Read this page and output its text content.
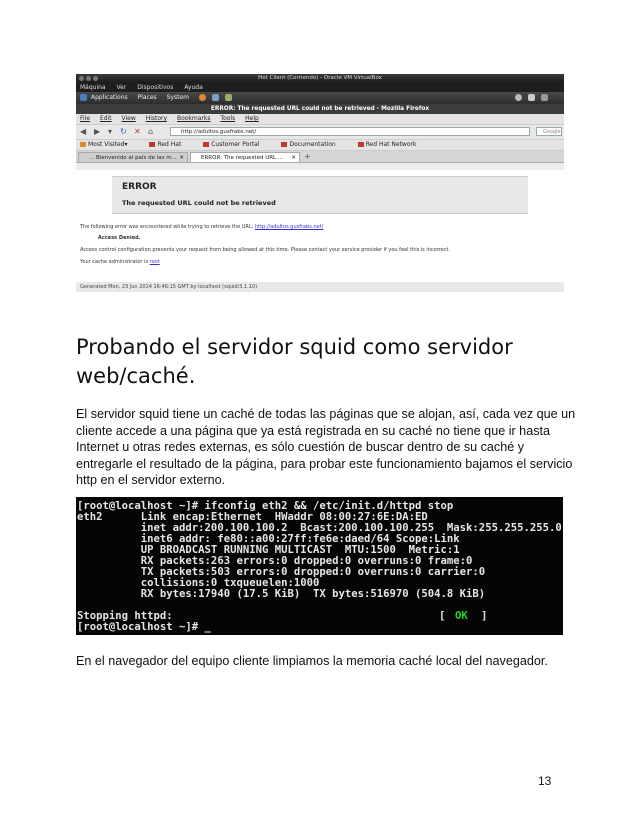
Hot Client (Corriendo) - Oracle VM VirtualBox
Máquina Ver Dispositivos Ayuda
Applications Places System

ERROR: The requested URL could not be retrieved - Mozilla Firefox
File Edit View History Bookmarks Tools Help
◀ ▶ ▾ ↻ ✕ ⌂	http://adultos.gusfrabs.net/	Google
Most Visited▾	Red Hat	Customer Portal	Documentation	Red Hat Network
... Bienvenido al país de las m... ✕	ERROR: The requested URL ... ✕ +
ERROR
The requested URL could not be retrieved

The following error was encountered while trying to retrieve the URL: http://adultos.gusfrabs.net/

Access Denied.

Access control configuration prevents your request from being allowed at this time. Please contact your service provider if you feel this is incorrect.

Your cache administrator is root

Generated Mon, 23 Jun 2014 16:46:15 GMT by localhost (squid/3.1.10)

Probando el servidor squid como servidor
web/caché.
El servidor squid tiene un caché de todas las páginas que se alojan, así, cada vez que un cliente accede a una página que ya está registrada en su caché no tiene que ir hasta Internet u otras redes externas, es sólo cuestión de buscar dentro de su caché y entregarle el resultado de la página, para probar este funcionamiento bajamos el servicio http en el servidor externo.
[root@localhost ~]# ifconfig eth2 && /etc/init.d/httpd stop
eth2      Link encap:Ethernet  HWaddr 08:00:27:6E:DA:ED
inet addr:200.100.100.2  Bcast:200.100.100.255  Mask:255.255.255.0
inet6 addr: fe80::a00:27ff:fe6e:daed/64 Scope:Link
UP BROADCAST RUNNING MULTICAST  MTU:1500  Metric:1
RX packets:263 errors:0 dropped:0 overruns:0 frame:0
TX packets:503 errors:0 dropped:0 overruns:0 carrier:0
collisions:0 txqueuelen:1000
RX bytes:17940 (17.5 KiB)  TX bytes:516970 (504.8 KiB)
Stopping httpd:	[ OK ]
[root@localhost ~]# _
En el navegador del equipo cliente limpiamos la memoria caché local del navegador.
13
